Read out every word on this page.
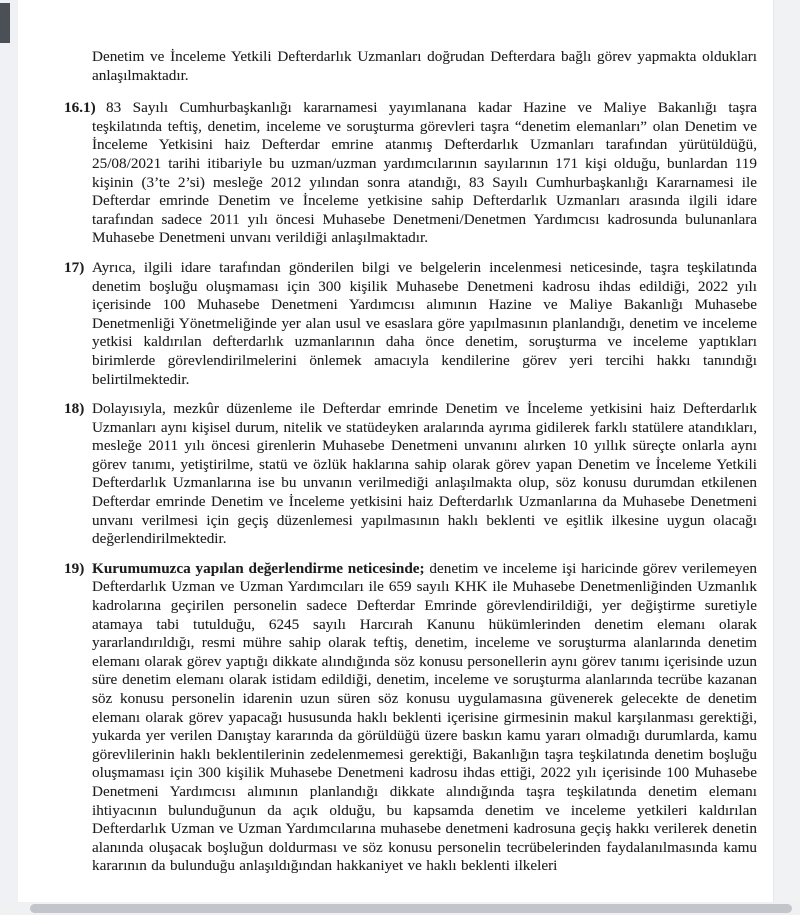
Denetim ve İnceleme Yetkili Defterdarlık Uzmanları doğrudan Defterdara bağlı görev yapmakta oldukları anlaşılmaktadır.
16.1) 83 Sayılı Cumhurbaşkanlığı kararnamesi yayımlanana kadar Hazine ve Maliye Bakanlığı taşra teşkilatında teftiş, denetim, inceleme ve soruşturma görevleri taşra “denetim elemanları” olan Denetim ve İnceleme Yetkisini haiz Defterdar emrine atanmış Defterdarlık Uzmanları tarafından yürütüldüğü, 25/08/2021 tarihi itibariyle bu uzman/uzman yardımcılarının sayılarının 171 kişi olduğu, bunlardan 119 kişinin (3’te 2’si) mesleğe 2012 yılından sonra atandığı, 83 Sayılı Cumhurbaşkanlığı Kararnamesi ile Defterdar emrinde Denetim ve İnceleme yetkisine sahip Defterdarlık Uzmanları arasında ilgili idare tarafından sadece 2011 yılı öncesi Muhasebe Denetmeni/Denetmen Yardımcısı kadrosunda bulunanlara Muhasebe Denetmeni unvanı verildiği anlaşılmaktadır.
17) Ayrıca, ilgili idare tarafından gönderilen bilgi ve belgelerin incelenmesi neticesinde, taşra teşkilatında denetim boşluğu oluşmaması için 300 kişilik Muhasebe Denetmeni kadrosu ihdas edildiği, 2022 yılı içerisinde 100 Muhasebe Denetmeni Yardımcısı alımının Hazine ve Maliye Bakanlığı Muhasebe Denetmenliği Yönetmeliğinde yer alan usul ve esaslara göre yapılmasının planlandığı, denetim ve inceleme yetkisi kaldırılan defterdarlık uzmanlarının daha önce denetim, soruşturma ve inceleme yaptıkları birimlerde görevlendirilmelerini önlemek amacıyla kendilerine görev yeri tercihi hakkı tanındığı belirtilmektedir.
18) Dolayısıyla, mezkûr düzenleme ile Defterdar emrinde Denetim ve İnceleme yetkisini haiz Defterdarlık Uzmanları aynı kişisel durum, nitelik ve statüdeyken aralarında ayrıma gidilerek farklı statülere atandıkları, mesleğe 2011 yılı öncesi girenlerin Muhasebe Denetmeni unvanını alırken 10 yıllık süreçte onlarla aynı görev tanımı, yetiştirilme, statü ve özlük haklarına sahip olarak görev yapan Denetim ve İnceleme Yetkili Defterdarlık Uzmanlarına ise bu unvanın verilmediği anlaşılmakta olup, söz konusu durumdan etkilenen Defterdar emrinde Denetim ve İnceleme yetkisini haiz Defterdarlık Uzmanlarına da Muhasebe Denetmeni unvanı verilmesi için geçiş düzenlemesi yapılmasının haklı beklenti ve eşitlik ilkesine uygun olacağı değerlendirilmektedir.
19) Kurumumuzca yapılan değerlendirme neticesinde; denetim ve inceleme işi haricinde görev verilemeyen Defterdarlık Uzman ve Uzman Yardımcıları ile 659 sayılı KHK ile Muhasebe Denetmenliğinden Uzmanlık kadrolarına geçirilen personelin sadece Defterdar Emrinde görevlendirildiği, yer değiştirme suretiyle atamaya tabi tutulduğu, 6245 sayılı Harcırah Kanunu hükümlerinden denetim elemanı olarak yararlandırıldığı, resmi mühre sahip olarak teftiş, denetim, inceleme ve soruşturma alanlarında denetim elemanı olarak görev yaptığı dikkate alındığında söz konusu personellerin aynı görev tanımı içerisinde uzun süre denetim elemanı olarak istidam edildiği, denetim, inceleme ve soruşturma alanlarında tecrübe kazanan söz konusu personelin idarenin uzun süren söz konusu uygulamasına güvenerek gelecekte de denetim elemanı olarak görev yapacağı hususunda haklı beklenti içerisine girmesinin makul karşılanması gerektiği, yukarda yer verilen Danıştay kararında da görüldüğü üzere baskın kamu yararı olmadığı durumlarda, kamu görevlilerinin haklı beklentilerinin zedelenmemesi gerektiği, Bakanlığın taşra teşkilatında denetim boşluğu oluşmaması için 300 kişilik Muhasebe Denetmeni kadrosu ihdas ettiği, 2022 yılı içerisinde 100 Muhasebe Denetmeni Yardımcısı alımının planlandığı dikkate alındığında taşra teşkilatında denetim elemanı ihtiyacının bulunduğunun da açık olduğu, bu kapsamda denetim ve inceleme yetkileri kaldırılan Defterdarlık Uzman ve Uzman Yardımcılarına muhasebe denetmeni kadrosuna geçiş hakkı verilerek denetin alanında oluşacak boşluğun doldurması ve söz konusu personelin tecrübelerinden faydalanılmasında kamu kararının da bulunduğu anlaşıldığından hakkaniyet ve haklı beklenti ilkeleri
